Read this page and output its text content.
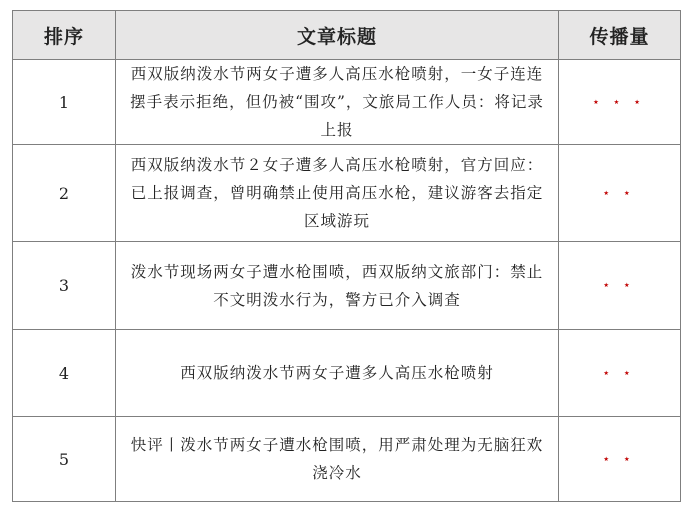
排序	文章标题	传播量
1	西双版纳泼水节两女子遭多人高压水枪喷射，一女子连连摆手表示拒绝，但仍被“围攻”，文旅局工作人员：将记录上报	⭑ ⭑ ⭑
2	西双版纳泼水节２女子遭多人高压水枪喷射，官方回应：已上报调查，曾明确禁止使用高压水枪，建议游客去指定区域游玩	⭑ ⭑
3	泼水节现场两女子遭水枪围喷，西双版纳文旅部门：禁止不文明泼水行为，警方已介入调查	⭑ ⭑
4	西双版纳泼水节两女子遭多人高压水枪喷射	⭑ ⭑
5	快评丨泼水节两女子遭水枪围喷，用严肃处理为无脑狂欢浇冷水	⭑ ⭑
